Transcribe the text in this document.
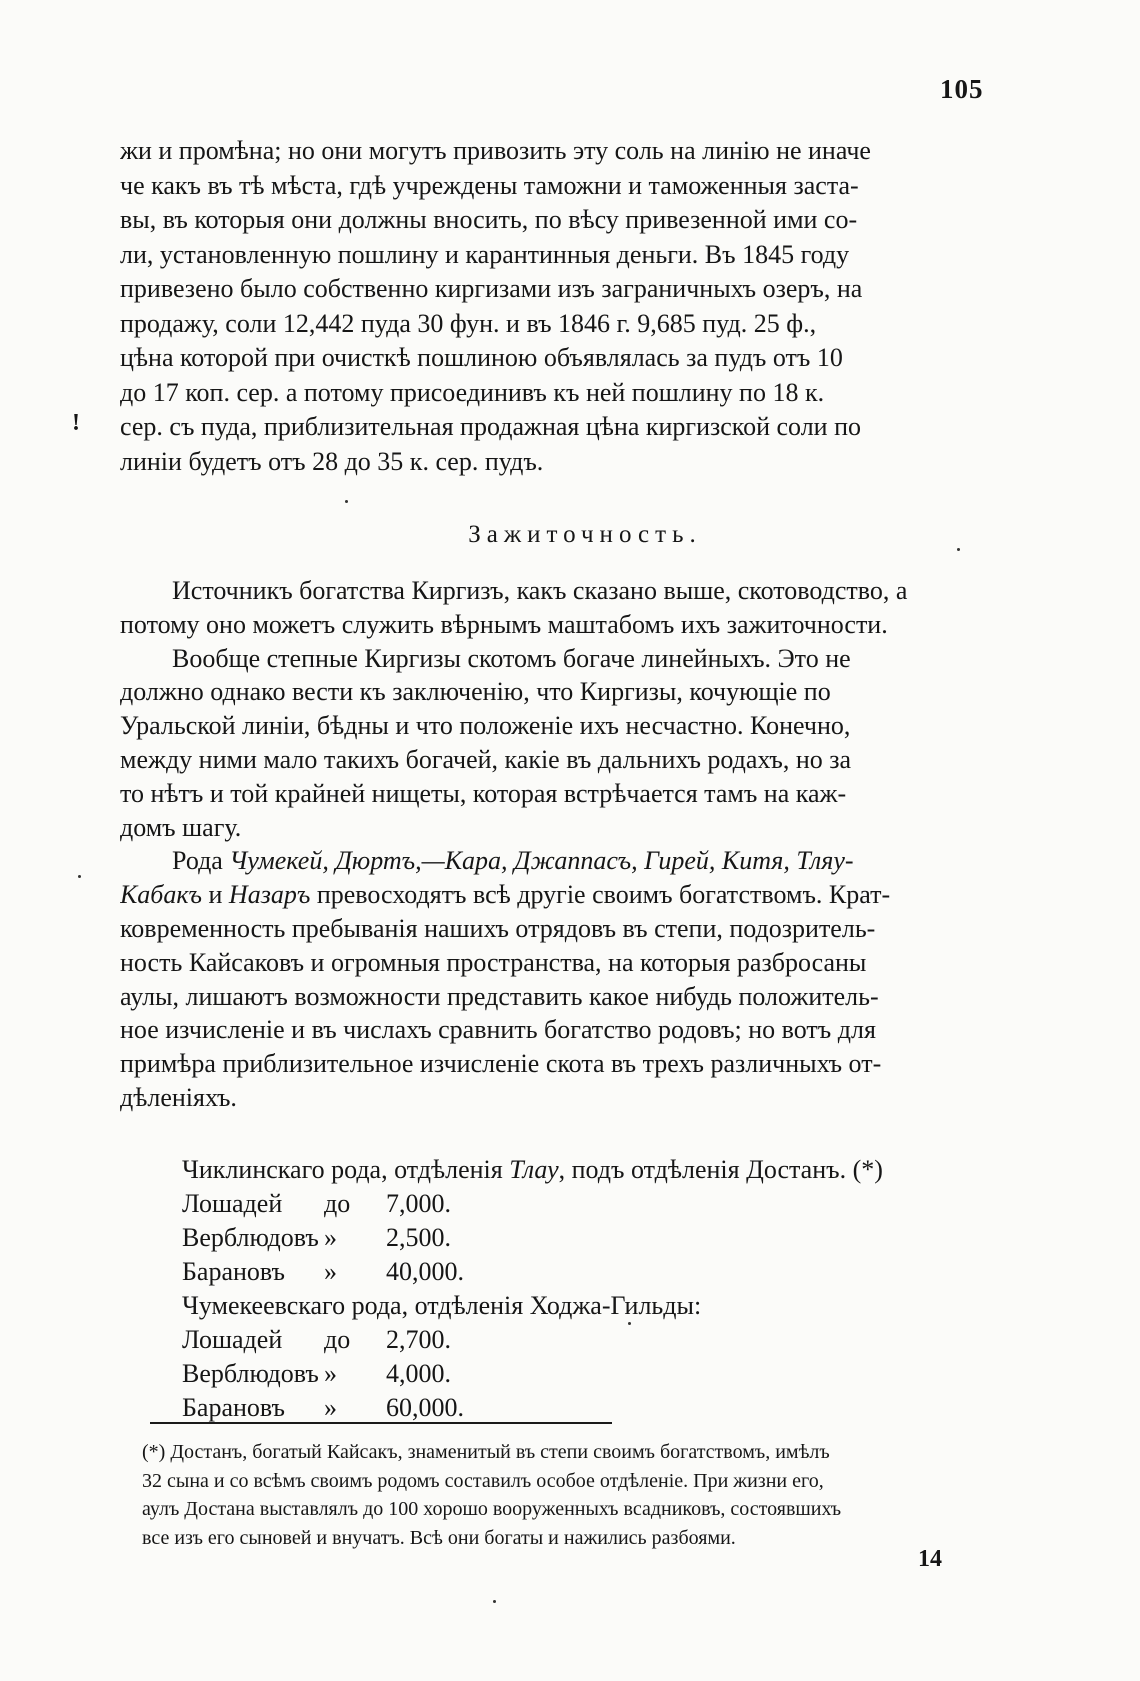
105
!
жи и промѣна; но они могутъ привозить эту соль на линію не иначе
че какъ въ тѣ мѣста, гдѣ учреждены таможни и таможенныя заста-
вы, въ которыя они должны вносить, по вѣсу привезенной ими со-
ли, установленную пошлину и карантинныя деньги. Въ 1845 году
привезено было собственно киргизами изъ заграничныхъ озеръ, на
продажу, соли 12,442 пуда 30 фун. и въ 1846 г. 9,685 пуд. 25 ф.,
цѣна которой при очисткѣ пошлиною объявлялась за пудъ отъ 10
до 17 коп. сер. а потому присоединивъ къ ней пошлину по 18 к.
сер. съ пуда, приблизительная продажная цѣна киргизской соли по
линіи будетъ отъ 28 до 35 к. сер. пудъ.
Зажиточность.
Источникъ богатства Киргизъ, какъ сказано выше, скотоводство, а
потому оно можетъ служить вѣрнымъ маштабомъ ихъ зажиточности.
Вообще степные Киргизы скотомъ богаче линейныхъ. Это не
должно однако вести къ заключенію, что Киргизы, кочующіе по
Уральской линіи, бѣдны и что положеніе ихъ несчастно. Конечно,
между ними мало такихъ богачей, какіе въ дальнихъ родахъ, но за
то нѣтъ и той крайней нищеты, которая встрѣчается тамъ на каж-
домъ шагу.
Рода Чумекей, Дюртъ,—Кара, Джаппасъ, Гирей, Китя, Тляу-
Кабакъ и Назаръ превосходятъ всѣ другіе своимъ богатствомъ. Крат-
ковременность пребыванія нашихъ отрядовъ въ степи, подозритель-
ность Кайсаковъ и огромныя пространства, на которыя разбросаны
аулы, лишаютъ возможности представить какое нибудь положитель-
ное изчисленіе и въ числахъ сравнить богатство родовъ; но вотъ для
примѣра приблизительное изчисленіе скота въ трехъ различныхъ от-
дѣленіяхъ.
Чиклинскаго рода, отдѣленія Тлау, подъ отдѣленія Достанъ. (*)
Лошадей до 7,000.
Верблюдовъ » 2,500.
Барановъ » 40,000.
Чумекеевскаго рода, отдѣленія Ходжа-Гильды:
Лошадей до 2,700.
Верблюдовъ » 4,000.
Барановъ » 60,000.
(*) Достанъ, богатый Кайсакъ, знаменитый въ степи своимъ богатствомъ, имѣлъ
32 сына и со всѣмъ своимъ родомъ составилъ особое отдѣленіе. При жизни его,
аулъ Достана выставлялъ до 100 хорошо вооруженныхъ всадниковъ, состоявшихъ
все изъ его сыновей и внучатъ. Всѣ они богаты и нажились разбоями.
14
